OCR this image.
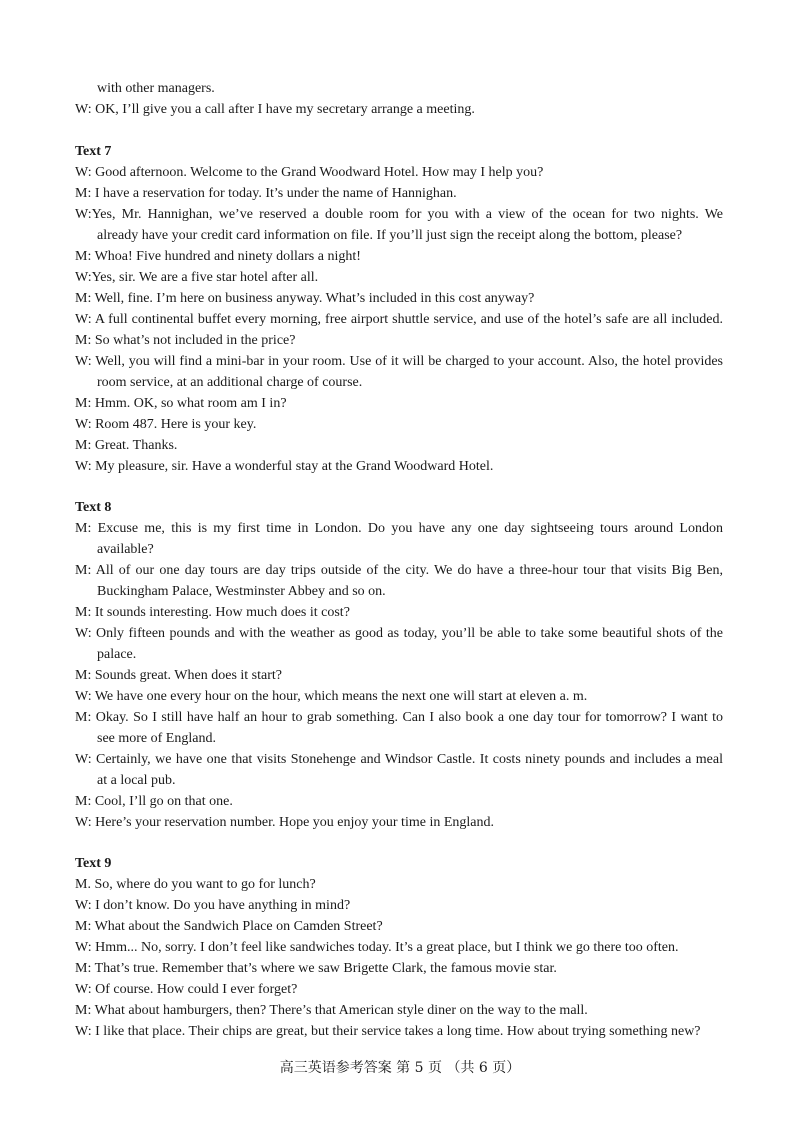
with other managers.
W: OK, I’ll give you a call after I have my secretary arrange a meeting.
Text 7
W: Good afternoon. Welcome to the Grand Woodward Hotel. How may I help you?
M: I have a reservation for today. It’s under the name of Hannighan.
W:Yes, Mr. Hannighan, we’ve reserved a double room for you with a view of the ocean for two nights. We
already have your credit card information on file. If you’ll just sign the receipt along the bottom, please?
M: Whoa! Five hundred and ninety dollars a night!
W:Yes, sir. We are a five star hotel after all.
M: Well, fine. I’m here on business anyway. What’s included in this cost anyway?
W: A full continental buffet every morning, free airport shuttle service, and use of the hotel’s safe are all included.
M: So what’s not included in the price?
W: Well, you will find a mini-bar in your room. Use of it will be charged to your account. Also, the hotel provides
room service, at an additional charge of course.
M: Hmm. OK, so what room am I in?
W: Room 487. Here is your key.
M: Great. Thanks.
W: My pleasure, sir. Have a wonderful stay at the Grand Woodward Hotel.
Text 8
M: Excuse me, this is my first time in London. Do you have any one day sightseeing tours around London
available?
M: All of our one day tours are day trips outside of the city. We do have a three-hour tour that visits Big Ben,
Buckingham Palace, Westminster Abbey and so on.
M: It sounds interesting. How much does it cost?
W: Only fifteen pounds and with the weather as good as today, you’ll be able to take some beautiful shots of the
palace.
M: Sounds great. When does it start?
W: We have one every hour on the hour, which means the next one will start at eleven a. m.
M: Okay. So I still have half an hour to grab something. Can I also book a one day tour for tomorrow? I want to
see more of England.
W: Certainly, we have one that visits Stonehenge and Windsor Castle. It costs ninety pounds and includes a meal
at a local pub.
M: Cool, I’ll go on that one.
W: Here’s your reservation number. Hope you enjoy your time in England.
Text 9
M. So, where do you want to go for lunch?
W: I don’t know. Do you have anything in mind?
M: What about the Sandwich Place on Camden Street?
W: Hmm... No, sorry. I don’t feel like sandwiches today. It’s a great place, but I think we go there too often.
M: That’s true. Remember that’s where we saw Brigette Clark, the famous movie star.
W: Of course. How could I ever forget?
M: What about hamburgers, then? There’s that American style diner on the way to the mall.
W: I like that place. Their chips are great, but their service takes a long time. How about trying something new?
高三英语参考答案 第 5 页 （共 6 页）
